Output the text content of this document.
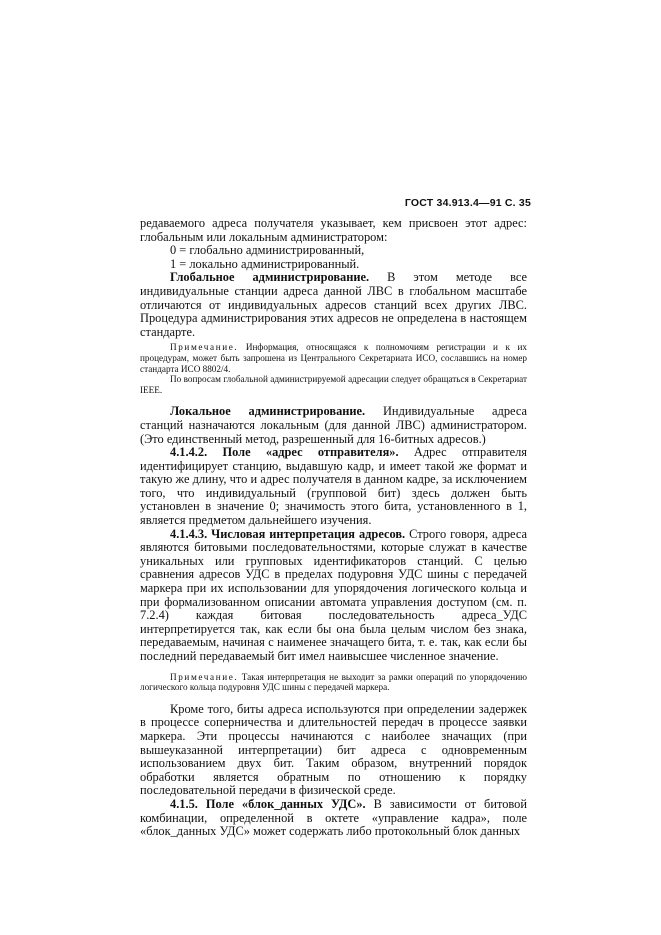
ГОСТ 34.913.4—91 С. 35

редаваемого адреса получателя указывает, кем присвоен этот адрес: глобальным или локальным администратором:

0 = глобально администрированный,

1 = локально администрированный.

Глобальное администрирование. В этом методе все индивидуальные станции адреса данной ЛВС в глобальном масштабе отличаются от индивидуальных адресов станций всех других ЛВС. Процедура администрирования этих адресов не определена в настоящем стандарте.

Примечание. Информация, относящаяся к полномочиям регистрации и к их процедурам, может быть запрошена из Центрального Секретариата ИСО, сославшись на номер стандарта ИСО 8802/4.

По вопросам глобальной администрируемой адресации следует обращаться в Секретариат IEEE.

Локальное администрирование. Индивидуальные адреса станций назначаются локальным (для данной ЛВС) администратором. (Это единственный метод, разрешенный для 16-битных адресов.)

4.1.4.2. Поле «адрес отправителя». Адрес отправителя идентифицирует станцию, выдавшую кадр, и имеет такой же формат и такую же длину, что и адрес получателя в данном кадре, за исключением того, что индивидуальный (групповой бит) здесь должен быть установлен в значение 0; значимость этого бита, установленного в 1, является предметом дальнейшего изучения.

4.1.4.3. Числовая интерпретация адресов. Строго говоря, адреса являются битовыми последовательностями, которые служат в качестве уникальных или групповых идентификаторов станций. С целью сравнения адресов УДС в пределах подуровня УДС шины с передачей маркера при их использовании для упорядочения логического кольца и при формализованном описании автомата управления доступом (см. п. 7.2.4) каждая битовая последовательность адреса_УДС интерпретируется так, как если бы она была целым числом без знака, передаваемым, начиная с наименее значащего бита, т. е. так, как если бы последний передаваемый бит имел наивысшее численное значение.

Примечание. Такая интерпретация не выходит за рамки операций по упорядочению логического кольца подуровня УДС шины с передачей маркера.

Кроме того, биты адреса используются при определении задержек в процессе соперничества и длительностей передач в процессе заявки маркера. Эти процессы начинаются с наиболее значащих (при вышеуказанной интерпретации) бит адреса с одновременным использованием двух бит. Таким образом, внутренний порядок обработки является обратным по отношению к порядку последовательной передачи в физической среде.

4.1.5. Поле «блок_данных УДС». В зависимости от битовой комбинации, определенной в октете «управление кадра», поле «блок_данных УДС» может содержать либо протокольный блок данных
